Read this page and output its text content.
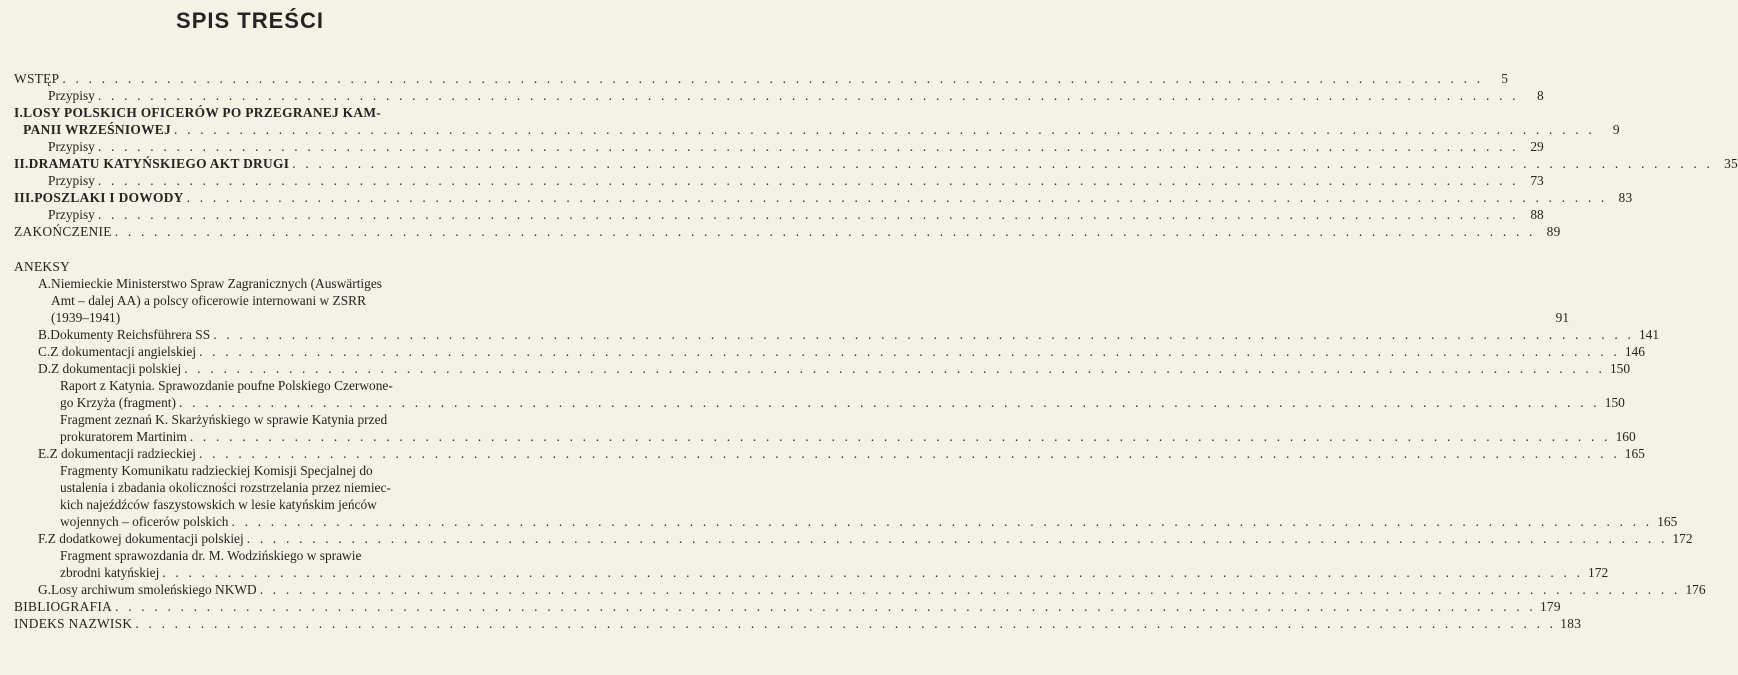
SPIS TREŚCI
WSTĘP . . .	5
Przypisy . . .	8
I. LOSY POLSKICH OFICERÓW PO PRZEGRANEJ KAM-
PANII WRZEŚNIOWEJ . . .	9
Przypisy . . .	29
II. DRAMATU KATYŃSKIEGO AKT DRUGI . . .	35
Przypisy . . .	73
III. POSZLAKI I DOWODY . . .	83
Przypisy . . .	88
ZAKOŃCZENIE . . .	89
ANEKSY
A. Niemieckie Ministerstwo Spraw Zagranicznych (Auswärtiges
Amt – dalej AA) a polscy oficerowie internowani w ZSRR
(1939–1941)	91
B. Dokumenty Reichsführera SS . . .	141
C. Z dokumentacji angielskiej . . .	146
D. Z dokumentacji polskiej . . .	150
Raport z Katynia. Sprawozdanie poufne Polskiego Czerwone-
go Krzyża (fragment) . . .	150
Fragment zeznań K. Skarżyńskiego w sprawie Katynia przed
prokuratorem Martinim . . .	160
E. Z dokumentacji radzieckiej . . .	165
Fragmenty Komunikatu radzieckiej Komisji Specjalnej do
ustalenia i zbadania okoliczności rozstrzelania przez niemiec-
kich najeźdźców faszystowskich w lesie katyńskim jeńców
wojennych – oficerów polskich . . .	165
F. Z dodatkowej dokumentacji polskiej . . .	172
Fragment sprawozdania dr. M. Wodzińskiego w sprawie
zbrodni katyńskiej . . .	172
G. Losy archiwum smoleńskiego NKWD . . .	176
BIBLIOGRAFIA . . .	179
INDEKS NAZWISK . . .	183
